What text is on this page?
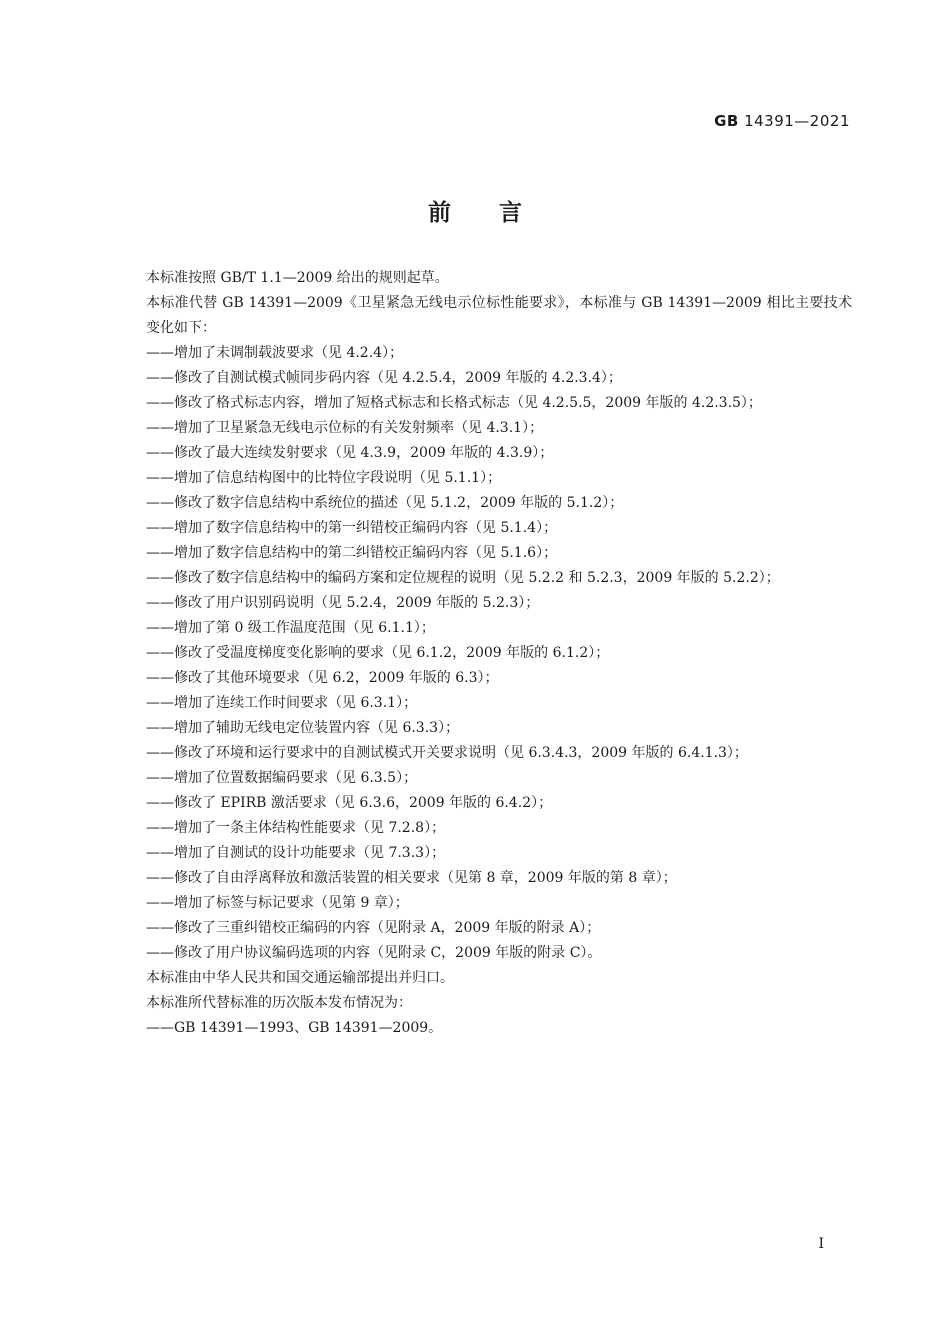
GB 14391—2021
前 言

本标准按照 GB/T 1.1—2009 给出的规则起草。

本标准代替 GB 14391—2009《卫星紧急无线电示位标性能要求》，本标准与 GB 14391—2009 相比主要技术变化如下：

——增加了未调制载波要求（见 4.2.4）；

——修改了自测试模式帧同步码内容（见 4.2.5.4，2009 年版的 4.2.3.4）；

——修改了格式标志内容，增加了短格式标志和长格式标志（见 4.2.5.5，2009 年版的 4.2.3.5）；

——增加了卫星紧急无线电示位标的有关发射频率（见 4.3.1）；

——修改了最大连续发射要求（见 4.3.9，2009 年版的 4.3.9）；

——增加了信息结构图中的比特位字段说明（见 5.1.1）；

——修改了数字信息结构中系统位的描述（见 5.1.2，2009 年版的 5.1.2）；

——增加了数字信息结构中的第一纠错校正编码内容（见 5.1.4）；

——增加了数字信息结构中的第二纠错校正编码内容（见 5.1.6）；

——修改了数字信息结构中的编码方案和定位规程的说明（见 5.2.2 和 5.2.3，2009 年版的 5.2.2）；

——修改了用户识别码说明（见 5.2.4，2009 年版的 5.2.3）；

——增加了第 0 级工作温度范围（见 6.1.1）；

——修改了受温度梯度变化影响的要求（见 6.1.2，2009 年版的 6.1.2）；

——修改了其他环境要求（见 6.2，2009 年版的 6.3）；

——增加了连续工作时间要求（见 6.3.1）；

——增加了辅助无线电定位装置内容（见 6.3.3）；

——修改了环境和运行要求中的自测试模式开关要求说明（见 6.3.4.3，2009 年版的 6.4.1.3）；

——增加了位置数据编码要求（见 6.3.5）；

——修改了 EPIRB 激活要求（见 6.3.6，2009 年版的 6.4.2）；

——增加了一条主体结构性能要求（见 7.2.8）；

——增加了自测试的设计功能要求（见 7.3.3）；

——修改了自由浮离释放和激活装置的相关要求（见第 8 章，2009 年版的第 8 章）；

——增加了标签与标记要求（见第 9 章）；

——修改了三重纠错校正编码的内容（见附录 A，2009 年版的附录 A）；

——修改了用户协议编码选项的内容（见附录 C，2009 年版的附录 C）。

本标准由中华人民共和国交通运输部提出并归口。

本标准所代替标准的历次版本发布情况为：

——GB 14391—1993、GB 14391—2009。

I
